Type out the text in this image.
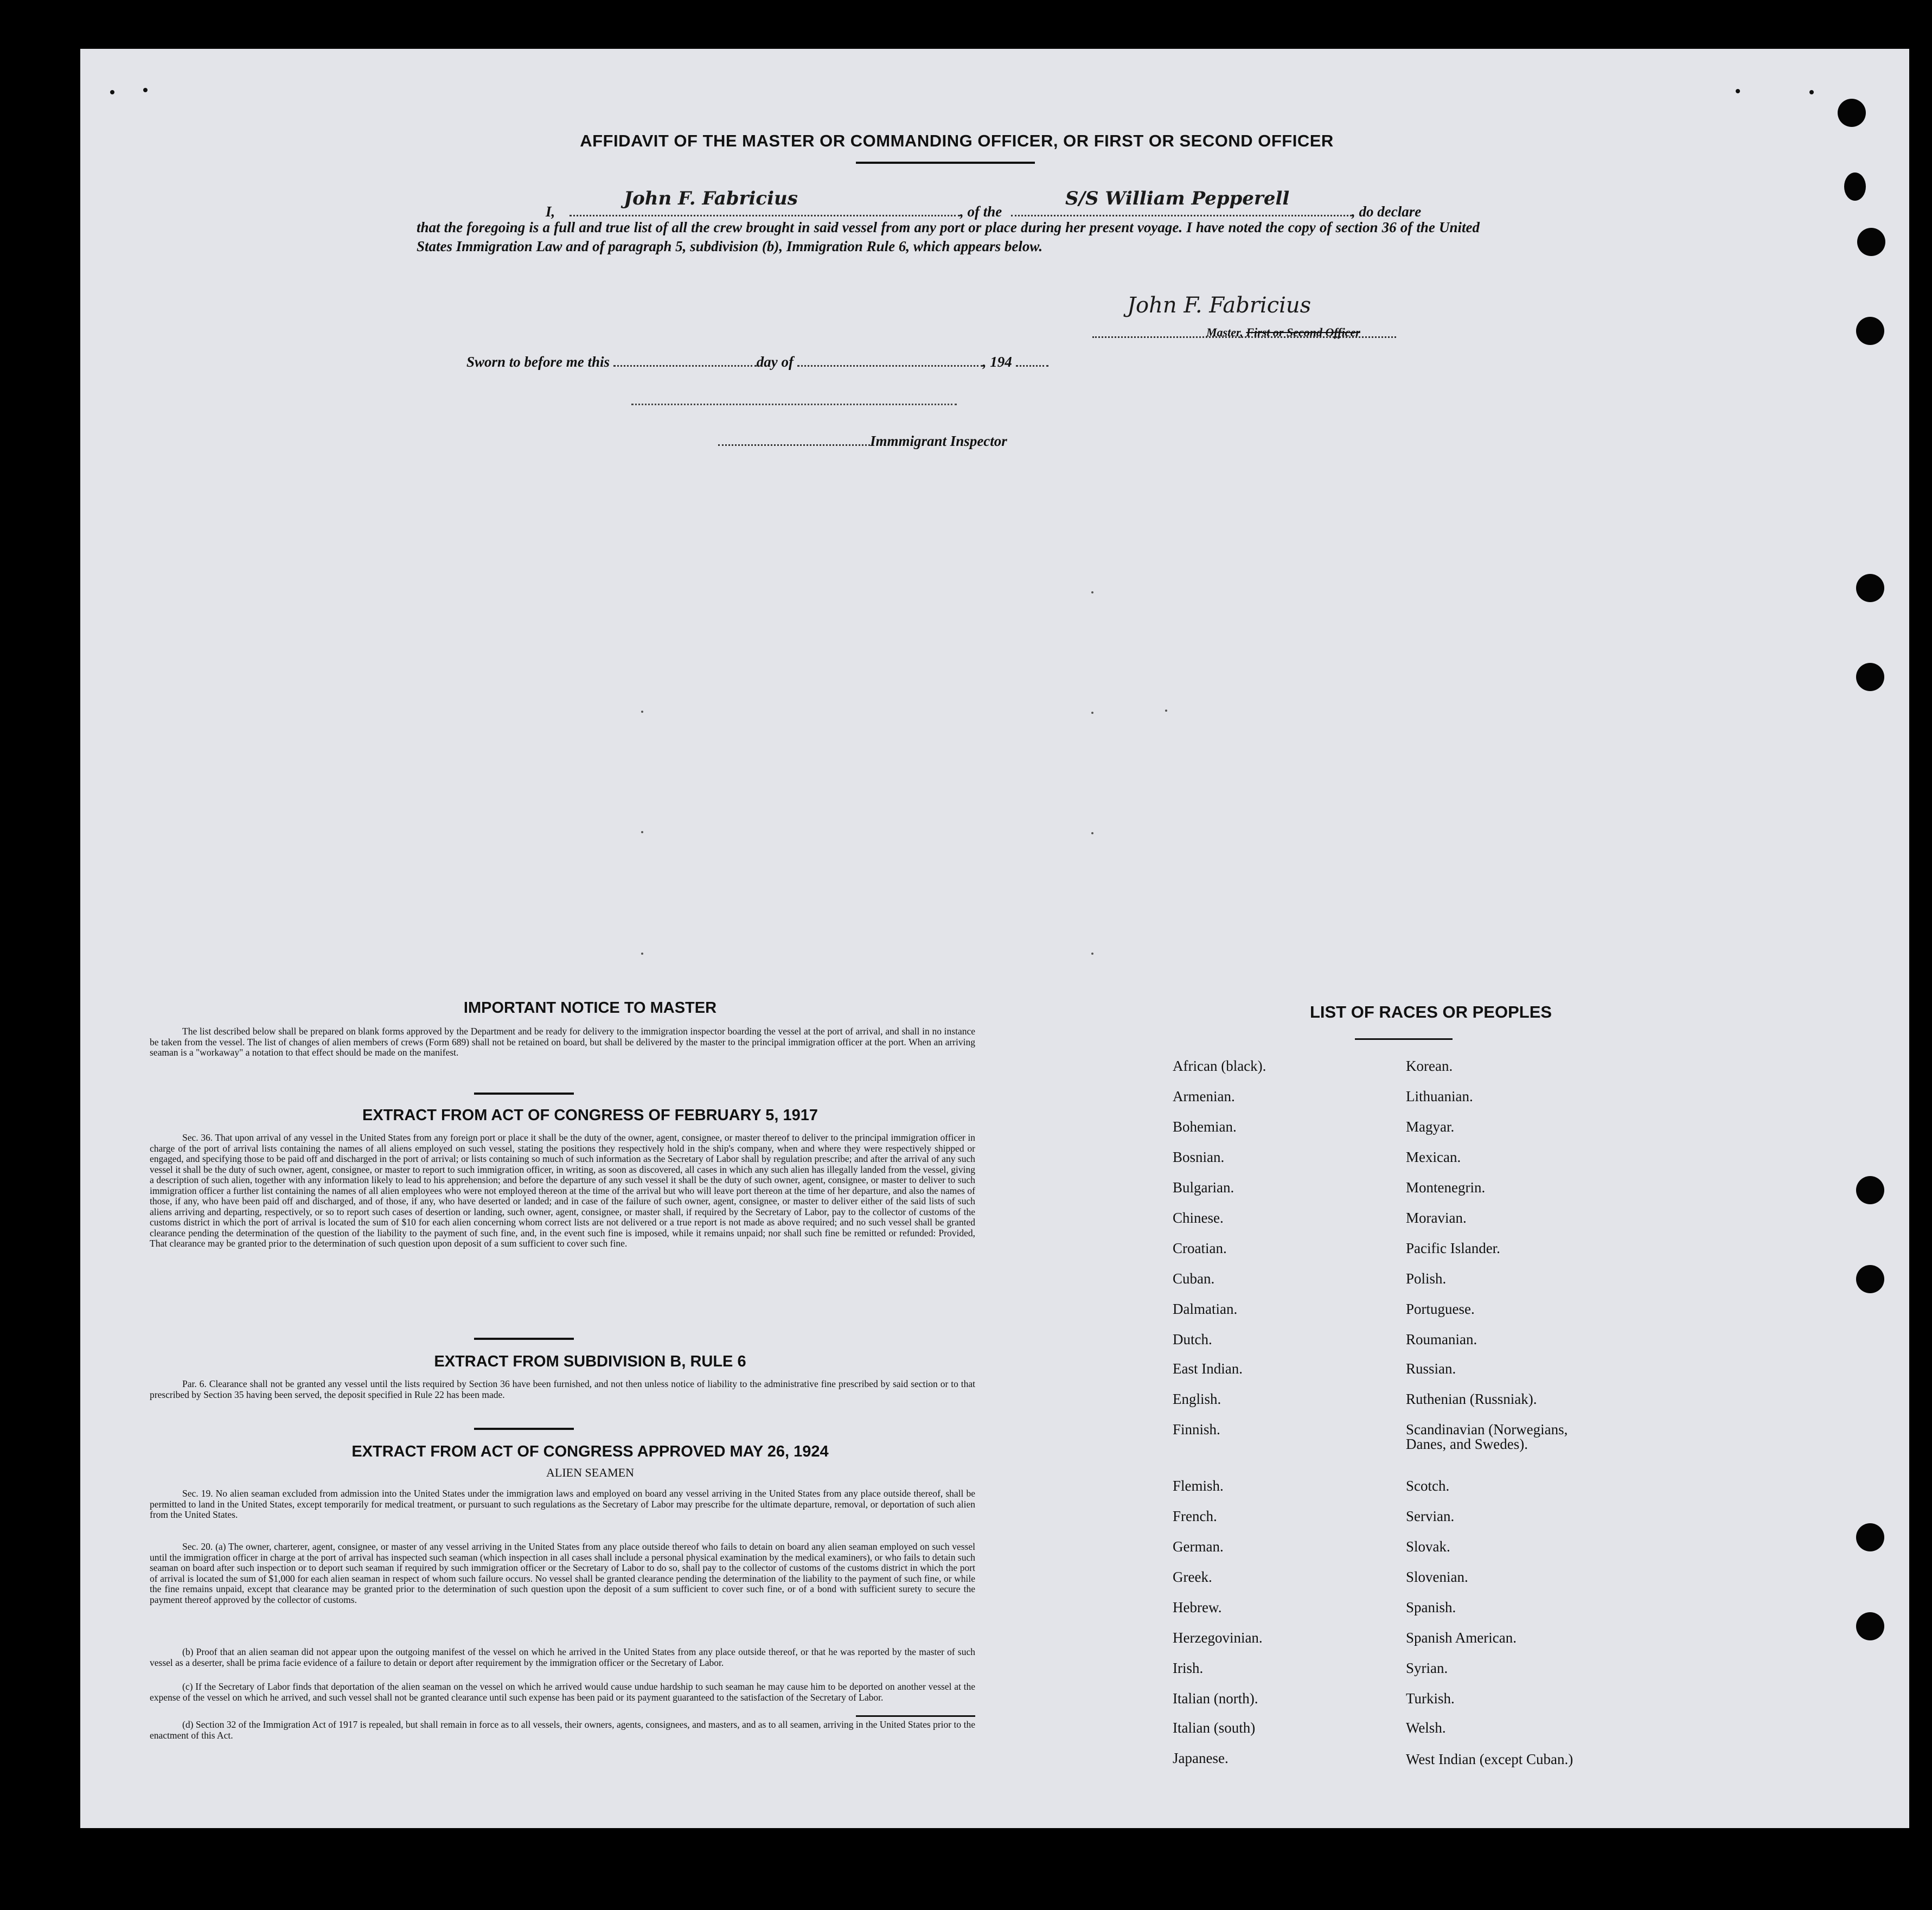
AFFIDAVIT OF THE MASTER OR COMMANDING OFFICER, OR FIRST OR SECOND OFFICER
I,
John F. Fabricius
, of the
S/S William Pepperell
, do declare
that the foregoing is a full and true list of all the crew brought in said vessel from any port or place during her present voyage. I have noted the copy of section 36 of the United States Immigration Law and of paragraph 5, subdivision (b), Immigration Rule 6, which appears below.
John F. Fabricius
Master, First or Second Officer
Sworn to before me this	day of	, 194
Immmigrant Inspector
IMPORTANT NOTICE TO MASTER
The list described below shall be prepared on blank forms approved by the Department and be ready for delivery to the immigration inspector boarding the vessel at the port of arrival, and shall in no instance be taken from the vessel. The list of changes of alien members of crews (Form 689) shall not be retained on board, but shall be delivered by the master to the principal immigration officer at the port. When an arriving seaman is a "workaway" a notation to that effect should be made on the manifest.
EXTRACT FROM ACT OF CONGRESS OF FEBRUARY 5, 1917
Sec. 36. That upon arrival of any vessel in the United States from any foreign port or place it shall be the duty of the owner, agent, consignee, or master thereof to deliver to the principal immigration officer in charge of the port of arrival lists containing the names of all aliens employed on such vessel, stating the positions they respectively hold in the ship's company, when and where they were respectively shipped or engaged, and specifying those to be paid off and discharged in the port of arrival; or lists containing so much of such information as the Secretary of Labor shall by regulation prescribe; and after the arrival of any such vessel it shall be the duty of such owner, agent, consignee, or master to report to such immigration officer, in writing, as soon as discovered, all cases in which any such alien has illegally landed from the vessel, giving a description of such alien, together with any information likely to lead to his apprehension; and before the departure of any such vessel it shall be the duty of such owner, agent, consignee, or master to deliver to such immigration officer a further list containing the names of all alien employees who were not employed thereon at the time of the arrival but who will leave port thereon at the time of her departure, and also the names of those, if any, who have been paid off and discharged, and of those, if any, who have deserted or landed; and in case of the failure of such owner, agent, consignee, or master to deliver either of the said lists of such aliens arriving and departing, respectively, or so to report such cases of desertion or landing, such owner, agent, consignee, or master shall, if required by the Secretary of Labor, pay to the collector of customs of the customs district in which the port of arrival is located the sum of $10 for each alien concerning whom correct lists are not delivered or a true report is not made as above required; and no such vessel shall be granted clearance pending the determination of the question of the liability to the payment of such fine, and, in the event such fine is imposed, while it remains unpaid; nor shall such fine be remitted or refunded: Provided, That clearance may be granted prior to the determination of such question upon deposit of a sum sufficient to cover such fine.
EXTRACT FROM SUBDIVISION B, RULE 6
Par. 6. Clearance shall not be granted any vessel until the lists required by Section 36 have been furnished, and not then unless notice of liability to the administrative fine prescribed by said section or to that prescribed by Section 35 having been served, the deposit specified in Rule 22 has been made.
EXTRACT FROM ACT OF CONGRESS APPROVED MAY 26, 1924
ALIEN SEAMEN
Sec. 19. No alien seaman excluded from admission into the United States under the immigration laws and employed on board any vessel arriving in the United States from any place outside thereof, shall be permitted to land in the United States, except temporarily for medical treatment, or pursuant to such regulations as the Secretary of Labor may prescribe for the ultimate departure, removal, or deportation of such alien from the United States.
Sec. 20. (a) The owner, charterer, agent, consignee, or master of any vessel arriving in the United States from any place outside thereof who fails to detain on board any alien seaman employed on such vessel until the immigration officer in charge at the port of arrival has inspected such seaman (which inspection in all cases shall include a personal physical examination by the medical examiners), or who fails to detain such seaman on board after such inspection or to deport such seaman if required by such immigration officer or the Secretary of Labor to do so, shall pay to the collector of customs of the customs district in which the port of arrival is located the sum of $1,000 for each alien seaman in respect of whom such failure occurs. No vessel shall be granted clearance pending the determination of the liability to the payment of such fine, or while the fine remains unpaid, except that clearance may be granted prior to the determination of such question upon the deposit of a sum sufficient to cover such fine, or of a bond with sufficient surety to secure the payment thereof approved by the collector of customs.
(b) Proof that an alien seaman did not appear upon the outgoing manifest of the vessel on which he arrived in the United States from any place outside thereof, or that he was reported by the master of such vessel as a deserter, shall be prima facie evidence of a failure to detain or deport after requirement by the immigration officer or the Secretary of Labor.
(c) If the Secretary of Labor finds that deportation of the alien seaman on the vessel on which he arrived would cause undue hardship to such seaman he may cause him to be deported on another vessel at the expense of the vessel on which he arrived, and such vessel shall not be granted clearance until such expense has been paid or its payment guaranteed to the satisfaction of the Secretary of Labor.
(d) Section 32 of the Immigration Act of 1917 is repealed, but shall remain in force as to all vessels, their owners, agents, consignees, and masters, and as to all seamen, arriving in the United States prior to the enactment of this Act.
LIST OF RACES OR PEOPLES
African (black).
Armenian.
Bohemian.
Bosnian.
Bulgarian.
Chinese.
Croatian.
Cuban.
Dalmatian.
Dutch.
East Indian.
English.
Finnish.
Flemish.
French.
German.
Greek.
Hebrew.
Herzegovinian.
Irish.
Italian (north).
Italian (south)
Japanese.
Korean.
Lithuanian.
Magyar.
Mexican.
Montenegrin.
Moravian.
Pacific Islander.
Polish.
Portuguese.
Roumanian.
Russian.
Ruthenian (Russniak).
Scandinavian (Norwegians,
Danes, and Swedes).
Scotch.
Servian.
Slovak.
Slovenian.
Spanish.
Spanish American.
Syrian.
Turkish.
Welsh.
West Indian (except Cuban.)
